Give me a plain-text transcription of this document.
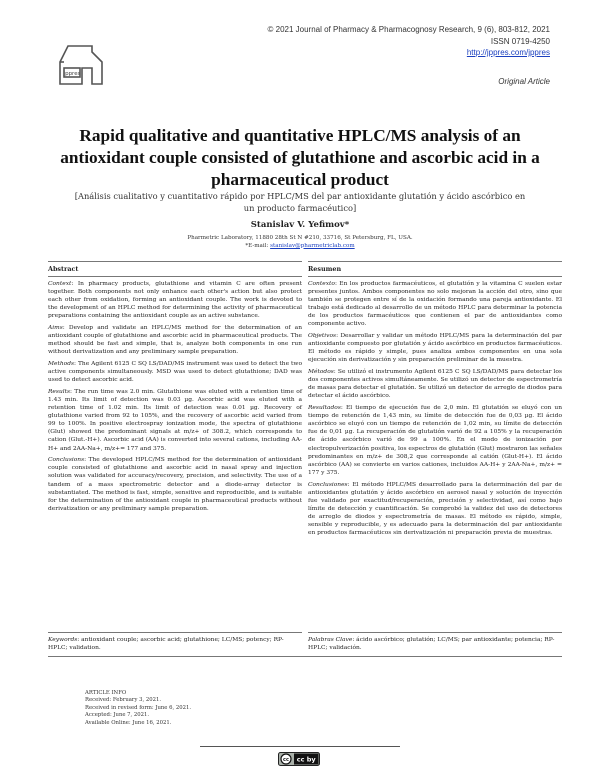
jppres
© 2021 Journal of Pharmacy & Pharmacognosy Research, 9 (6), 803-812, 2021
ISSN 0719-4250
http://jppres.com/jppres
Original Article
Rapid qualitative and quantitative HPLC/MS analysis of an antioxidant couple consisted of glutathione and ascorbic acid in a pharmaceutical product
[Análisis cualitativo y cuantitativo rápido por HPLC/MS del par antioxidante glutatión y ácido ascórbico en un producto farmacéutico]
Stanislav V. Yefimov*
Pharmetric Laboratory, 11880 28th St N #210, 33716, St Petersburg, FL, USA.
*E-mail: stanislav@pharmetriclab.com
Abstract	Resumen

Context: In pharmacy products, glutathione and vitamin C are often present together. Both components not only enhance each other's action but also protect each other from oxidation, forming an antioxidant couple. The work is devoted to the development of an HPLC method for determining the activity of pharmaceutical preparations containing the antioxidant couple as an active substance.

Aims: Develop and validate an HPLC/MS method for the determination of an antioxidant couple of glutathione and ascorbic acid in pharmaceutical products. The method should be fast and simple, that is, analyze both components in one run without derivatization and any preliminary sample preparation.

Methods: The Agilent 6125 C SQ LS/DAD/MS instrument was used to detect the two active components simultaneously. MSD was used to detect glutathione; DAD was used to detect ascorbic acid.

Results: The run time was 2.0 min. Glutathione was eluted with a retention time of 1.43 min. Its limit of detection was 0.03 µg. Ascorbic acid was eluted with a retention time of 1.02 min. Its limit of detection was 0.01 µg. Recovery of glutathione varied from 92 to 105%, and the recovery of ascorbic acid varied from 99 to 100%. In positive electrospray ionization mode, the spectra of glutathione (Glut) showed the predominant signals at m/z+ of 308.2, which corresponds to cation (Glut.-H+). Ascorbic acid (AA) is converted into several cations, including AA-H+ and 2AA-Na+, m/z+= 177 and 375.

Conclusions: The developed HPLC/MS method for the determination of antioxidant couple consisted of glutathione and ascorbic acid in nasal spray and injection solution was validated for accuracy/recovery, precision, and selectivity. The use of a tandem of a mass spectrometric detector and a diode-array detector is substantiated. The method is fast, simple, sensitive and reproducible, and is suitable for the determination of the antioxidant couple in pharmaceutical products without derivatization or any preliminary sample preparation.

Contexto: En los productos farmacéuticos, el glutatión y la vitamina C suelen estar presentes juntos. Ambos componentes no solo mejoran la acción del otro, sino que también se protegen entre sí de la oxidación formando una pareja antioxidante. El trabajo está dedicado al desarrollo de un método HPLC para determinar la potencia de los productos farmacéuticos que contienen el par de antioxidantes como componente activo.

Objetivos: Desarrollar y validar un método HPLC/MS para la determinación del par antioxidante compuesto por glutatión y ácido ascórbico en productos farmacéuticos. El método es rápido y simple, pues analiza ambos componentes en una sola ejecución sin derivatización y sin preparación preliminar de la muestra.

Métodos: Se utilizó el instrumento Agilent 6125 C SQ LS/DAD/MS para detectar los dos componentes activos simultáneamente. Se utilizó un detector de espectrometría de masas para detectar el glutatión. Se utilizó un detector de arreglo de diodos para detectar el ácido ascórbico.

Resultados: El tiempo de ejecución fue de 2,0 min. El glutatión se eluyó con un tiempo de retención de 1,43 min, su límite de detección fue de 0,03 µg. El ácido ascórbico se eluyó con un tiempo de retención de 1,02 min, su límite de detección fue de 0,01 µg. La recuperación de glutatión varió de 92 a 105% y la recuperación de ácido ascórbico varió de 99 a 100%. En el modo de ionización por electropulverización positiva, los espectros de glutatión (Glut) mostraron las señales predominantes en m/z+ de 308,2 que corresponde al catión (Glut-H+). El ácido ascórbico (AA) se convierte en varios cationes, incluidos AA-H+ y 2AA-Na+, m/z+ = 177 y 375.

Conclusiones: El método HPLC/MS desarrollado para la determinación del par de antioxidantes glutatión y ácido ascórbico en aerosol nasal y solución de inyección fue validado por exactitud/recuperación, precisión y selectividad, así como bajo límite de detección y cuantificación. Se comprobó la validez del uso de detectores de arreglo de diodos y espectrometría de masas. El método es rápido, simple, sensible y reproducible, y es adecuado para la determinación del par antioxidante en productos farmacéuticos sin derivatización ni preparación previa de muestras.

Keywords: antioxidant couple; ascorbic acid; glutathione; LC/MS; potency; RP-HPLC; validation.
Palabras Clave: ácido ascórbico; glutatión; LC/MS; par antioxidante; potencia; RP-HPLC; validación.
ARTICLE INFO
Received: February 3, 2021.
Received in revised form: June 6, 2021.
Accepted: June 7, 2021.
Available Online: June 16, 2021.
cc cc by
